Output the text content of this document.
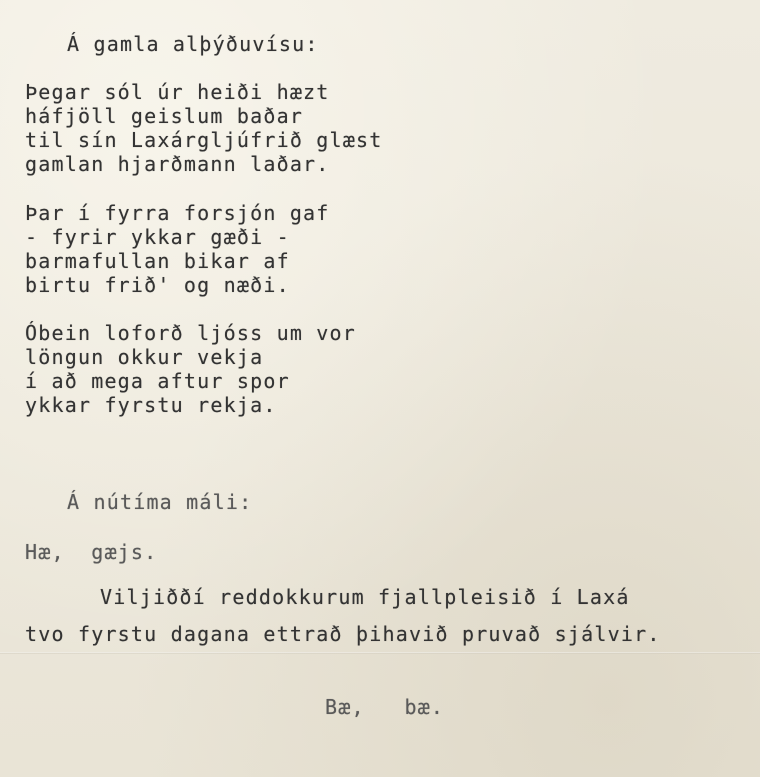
Á gamla alþýðuvísu:
Þegar sól úr heiði hæzt
háfjöll geislum baðar
til sín Laxárgljúfrið glæst
gamlan hjarðmann laðar.
Þar í fyrra forsjón gaf
- fyrir ykkar gæði -
barmafullan bikar af
birtu frið' og næði.
Óbein loforð ljóss um vor
löngun okkur vekja
í að mega aftur spor
ykkar fyrstu rekja.
Á nútíma máli:
Hæ,  gæjs.
Viljiððí reddokkurum fjallpleisið í Laxá
tvo fyrstu dagana ettrað þihavið pruvað sjálvir.
Bæ,   bæ.
